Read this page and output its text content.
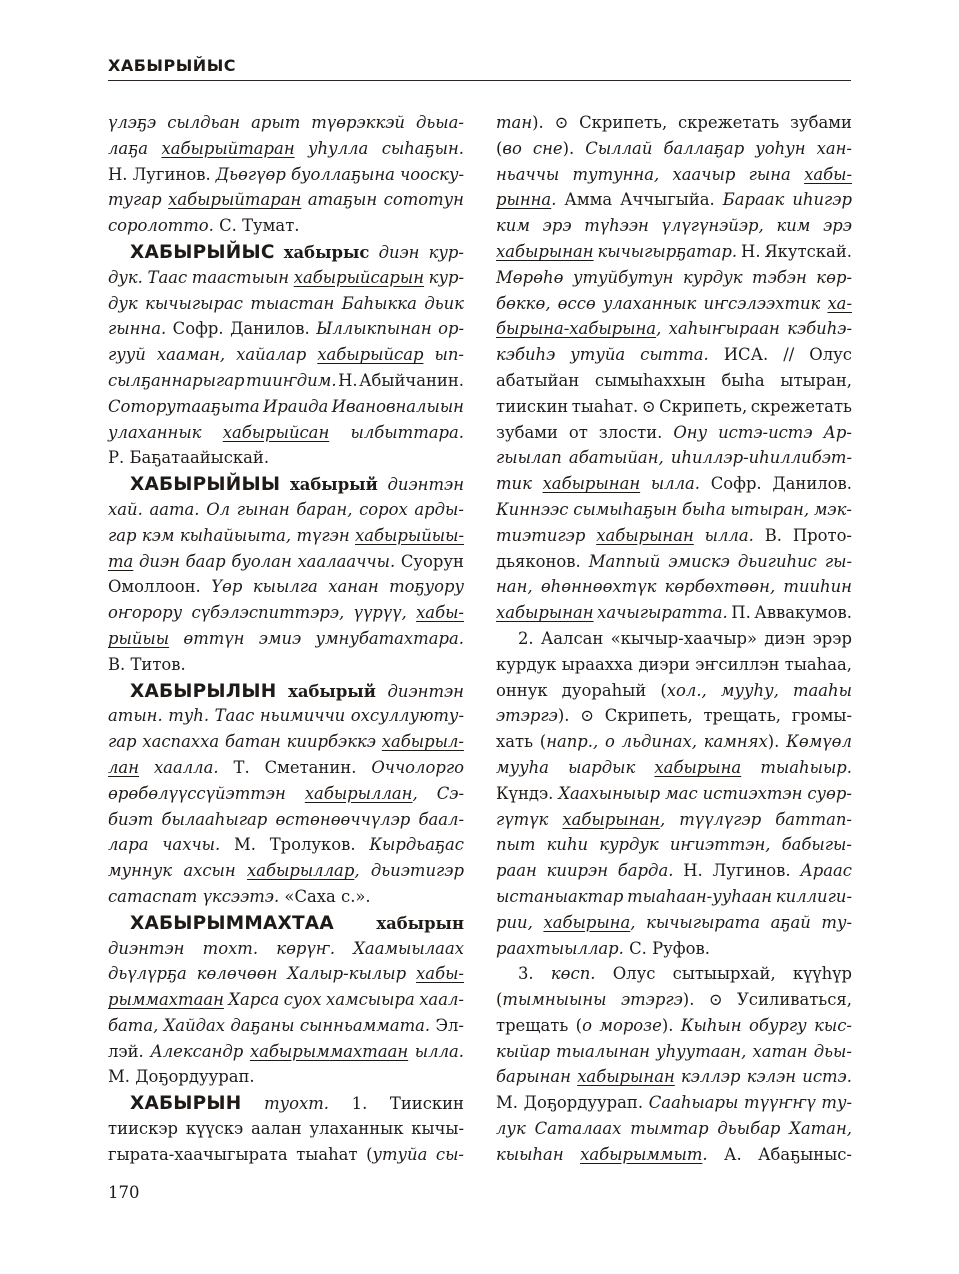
ХАБЫРЫЙЫС
үлэҕэ сылдьан арыт түөрэккэй дьыа-
лаҕа хабырыйтаран уһулла сыһаҕын.
Н. Лугинов. Дьөгүөр буоллаҕына чооску-
тугар хабырыйтаран атаҕын сототун
соролотто. С. Тумат.
ХАБЫРЫЙЫС хабырыс диэн кур-
дук. Таас таастыын хабырыйсарын кур-
дук кычыгырас тыастан Баһыкка дьик
гынна. Софр. Данилов. Ыллыкпынан ор-
гууй хааман, хайалар хабырыйсар ып-
сылҕаннарыгар тииҥдим. Н. Абыйчанин.
Соторутааҕыта Ираида Ивановналыын
улаханнык хабырыйсан ылбыттара.
Р. Баҕатаайыскай.
ХАБЫРЫЙЫЫ хабырый диэнтэн
хай. аата. Ол гынан баран, сорох арды-
гар кэм кыһайыыта, түгэн хабырыйыы-
та диэн баар буолан хаалааччы. Суорун
Омоллоон. Үөр кыылга ханан тоҕуору
оҥорору сүбэлэспиттэрэ, үүрүү, хабы-
рыйыы өттүн эмиэ умнубатахтара.
В. Титов.
ХАБЫРЫЛЫН хабырый диэнтэн
атын. туһ. Таас ньимиччи охсуллуюту-
гар хаспахха батан киирбэккэ хабырыл-
лан хаалла. Т. Сметанин. Оччолорго
өрөбөлүүссүйэттэн хабырыллан, Сэ-
биэт былааһыгар өстөнөөччүлэр баал-
лара чахчы. М. Тролуков. Кырдьаҕас
муннук ахсын хабырыллар, дьиэтигэр
сатаспат үксээтэ. «Саха с.».
ХАБЫРЫММАХТАА	хабырын
диэнтэн тохт. көрүҥ. Хаамыылаах
дьүлүрҕа көлөчөөн Халыр-кылыр хабы-
рыммахтаан Харса суох хамсыыра хаал-
бата, Хайдах даҕаны сынньаммата. Эл-
лэй. Александр хабырыммахтаан ылла.
М. Доҕордуурап.
ХАБЫРЫН туохт. 1. Тиискин
тиискэр күүскэ аалан улаханнык кычы-
гырата-хаачыгырата тыаһат (утуйа сы-
тан). ⊙ Скрипеть, скрежетать зубами
(во сне). Сыллай баллаҕар уоһун хан-
ньаччы тутунна, хаачыр гына хабы-
рынна. Амма Аччыгыйа. Бараак иһигэр
ким эрэ түһээн үлүгүнэйэр, ким эрэ
хабырынан кычыгырҕатар. Н. Якутскай.
Мөрөһө утуйбутун курдук тэбэн көр-
бөккө, өссө улаханнык иҥсэлээхтик ха-
бырына-хабырына, хаһыҥыраан кэбиһэ-
кэбиһэ утуйа сытта. ИСА. // Олус
абатыйан сымыһаххын быһа ытыран,
тиискин тыаһат. ⊙ Скрипеть, скрежетать
зубами от злости. Ону истэ-истэ Ар-
гыылап абатыйан, иһиллэр-иһиллибэт-
тик хабырынан ылла. Софр. Данилов.
Киннээс сымыһаҕын быһа ытыран, мэк-
тиэтигэр хабырынан ылла. В. Прото-
дьяконов. Маппый эмискэ дьигиһис гы-
нан, өһөннөөхтүк көрбөхтөөн, тииһин
хабырынан хачыгыратта. П. Аввакумов.
2. Аалсан «кычыр-хаачыр» диэн эрэр
курдук ыраахха диэри эҥсиллэн тыаһаа,
оннук дуораһый (хол., мууһу, тааһы
этэргэ). ⊙ Скрипеть, трещать, громы-
хать (напр., о льдинах, камнях). Көмүөл
мууһа ыардык хабырына тыаһыыр.
Күндэ. Хаахыныыр мас истиэхтэн суөр-
гүтүк хабырынан, түүлүгэр баттап-
пыт киһи курдук иҥиэттэн, бабыгы-
раан киирэн барда. Н. Лугинов. Араас
ыстаныактар тыаһаан-ууһаан киллиги-
рии, хабырына, кычыгырата аҕай ту-
раахтыыллар. С. Руфов.
3. көсп. Олус сытыырхай, күүһүр
(тымныыны этэргэ). ⊙ Усиливаться,
трещать (о морозе). Кыһын обургу кыс-
кыйар тыалынан уһуутаан, хатан дьы-
барынан хабырынан кэллэр кэлэн истэ.
М. Доҕордуурап. Сааһыары түүҥҥү ту-
лук Саталаах тымтар дьыбар Хатан,
кыыһан хабырыммыт. А. Абаҕыныс-
170
